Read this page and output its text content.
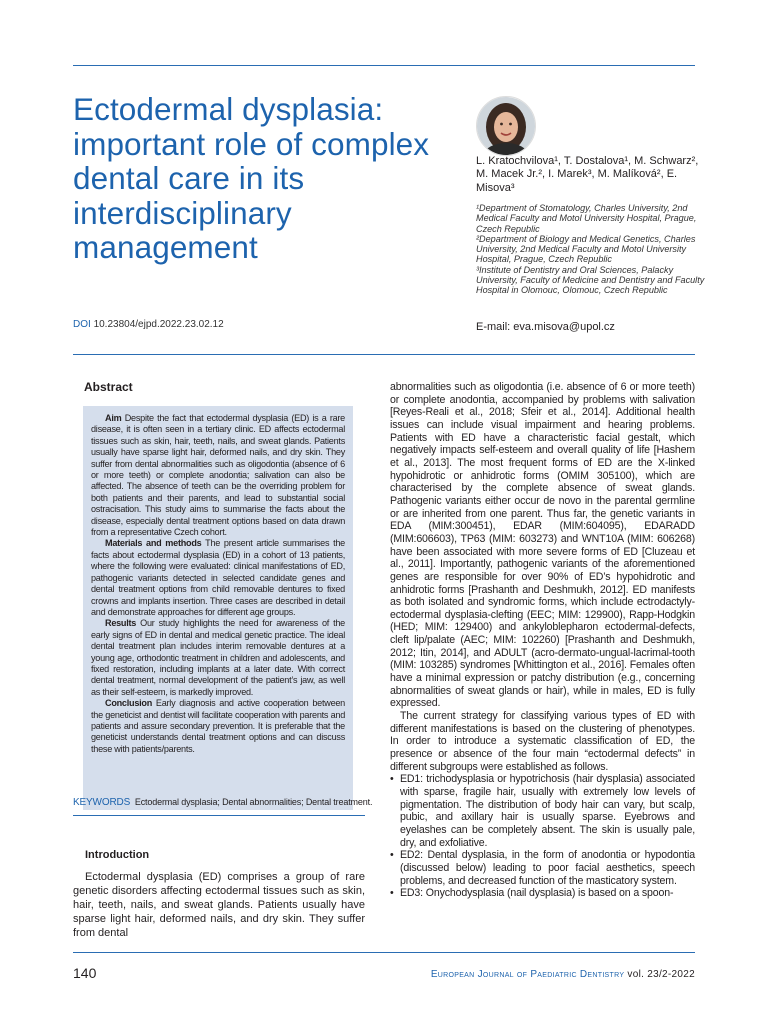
Ectodermal dysplasia: important role of complex dental care in its interdisciplinary management
L. Kratochvilova¹, T. Dostalova¹, M. Schwarz², M. Macek Jr.², I. Marek³, M. Malíková², E. Misova³

¹Department of Stomatology, Charles University, 2nd Medical Faculty and Motol University Hospital, Prague, Czech Republic

²Department of Biology and Medical Genetics, Charles University, 2nd Medical Faculty and Motol University Hospital, Prague, Czech Republic

³Institute of Dentistry and Oral Sciences, Palacky University, Faculty of Medicine and Dentistry and Faculty Hospital in Olomouc, Olomouc, Czech Republic

DOI 10.23804/ejpd.2022.23.02.12	E-mail: eva.misova@upol.cz
Abstract

Aim Despite the fact that ectodermal dysplasia (ED) is a rare disease, it is often seen in a tertiary clinic. ED affects ectodermal tissues such as skin, hair, teeth, nails, and sweat glands. Patients usually have sparse light hair, deformed nails, and dry skin. They suffer from dental abnormalities such as oligodontia (absence of 6 or more teeth) or complete anodontia; salivation can also be affected. The absence of teeth can be the overriding problem for both patients and their parents, and lead to substantial social ostracisation. This study aims to summarise the facts about the disease, especially dental treatment options based on data drawn from a representative Czech cohort.

Materials and methods The present article summarises the facts about ectodermal dysplasia (ED) in a cohort of 13 patients, where the following were evaluated: clinical manifestations of ED, pathogenic variants detected in selected candidate genes and dental treatment options from child removable dentures to fixed crowns and implants insertion. Three cases are described in detail and demonstrate approaches for different age groups.

Results Our study highlights the need for awareness of the early signs of ED in dental and medical genetic practice. The ideal dental treatment plan includes interim removable dentures at a young age, orthodontic treatment in children and adolescents, and fixed restoration, including implants at a later date. With correct dental treatment, normal development of the patient’s jaw, as well as their self-esteem, is markedly improved.

Conclusion Early diagnosis and active cooperation between the geneticist and dentist will facilitate cooperation with parents and patients and assure secondary prevention. It is preferable that the geneticist understands dental treatment options and can discuss these with patients/parents.

KEYWORDS Ectodermal dysplasia; Dental abnormalities; Dental treatment.
Introduction

Ectodermal dysplasia (ED) comprises a group of rare genetic disorders affecting ectodermal tissues such as skin, hair, teeth, nails, and sweat glands. Patients usually have sparse light hair, deformed nails, and dry skin. They suffer from dental

abnormalities such as oligodontia (i.e. absence of 6 or more teeth) or complete anodontia, accompanied by problems with salivation [Reyes-Reali et al., 2018; Sfeir et al., 2014]. Additional health issues can include visual impairment and hearing problems. Patients with ED have a characteristic facial gestalt, which negatively impacts self-esteem and overall quality of life [Hashem et al., 2013]. The most frequent forms of ED are the X-linked hypohidrotic or anhidrotic forms (OMIM 305100), which are characterised by the complete absence of sweat glands. Pathogenic variants either occur de novo in the parental germline or are inherited from one parent. Thus far, the genetic variants in EDA (MIM:300451), EDAR (MIM:604095), EDARADD (MIM:606603), TP63 (MIM: 603273) and WNT10A (MIM: 606268) have been associated with more severe forms of ED [Cluzeau et al., 2011]. Importantly, pathogenic variants of the aforementioned genes are responsible for over 90% of ED’s hypohidrotic and anhidrotic forms [Prashanth and Deshmukh, 2012]. ED manifests as both isolated and syndromic forms, which include ectrodactyly-ectodermal dysplasia-clefting (EEC; MIM: 129900), Rapp-Hodgkin (HED; MIM: 129400) and ankyloblepharon ectodermal-defects, cleft lip/palate (AEC; MIM: 102260) [Prashanth and Deshmukh, 2012; Itin, 2014], and ADULT (acro-dermato-ungual-lacrimal-tooth (MIM: 103285) syndromes [Whittington et al., 2016]. Females often have a minimal expression or patchy distribution (e.g., concerning abnormalities of sweat glands or hair), while in males, ED is fully expressed.

The current strategy for classifying various types of ED with different manifestations is based on the clustering of phenotypes. In order to introduce a systematic classification of ED, the presence or absence of the four main “ectodermal defects” in different subgroups were established as follows.

• ED1: trichodysplasia or hypotrichosis (hair dysplasia) associated with sparse, fragile hair, usually with extremely low levels of pigmentation. The distribution of body hair can vary, but scalp, pubic, and axillary hair is usually sparse. Eyebrows and eyelashes can be completely absent. The skin is usually pale, dry, and exfoliative.
• ED2: Dental dysplasia, in the form of anodontia or hypodontia (discussed below) leading to poor facial aesthetics, speech problems, and decreased function of the masticatory system.
• ED3: Onychodysplasia (nail dysplasia) is based on a spoon-
140	European Journal of Paediatric Dentistry vol. 23/2-2022
